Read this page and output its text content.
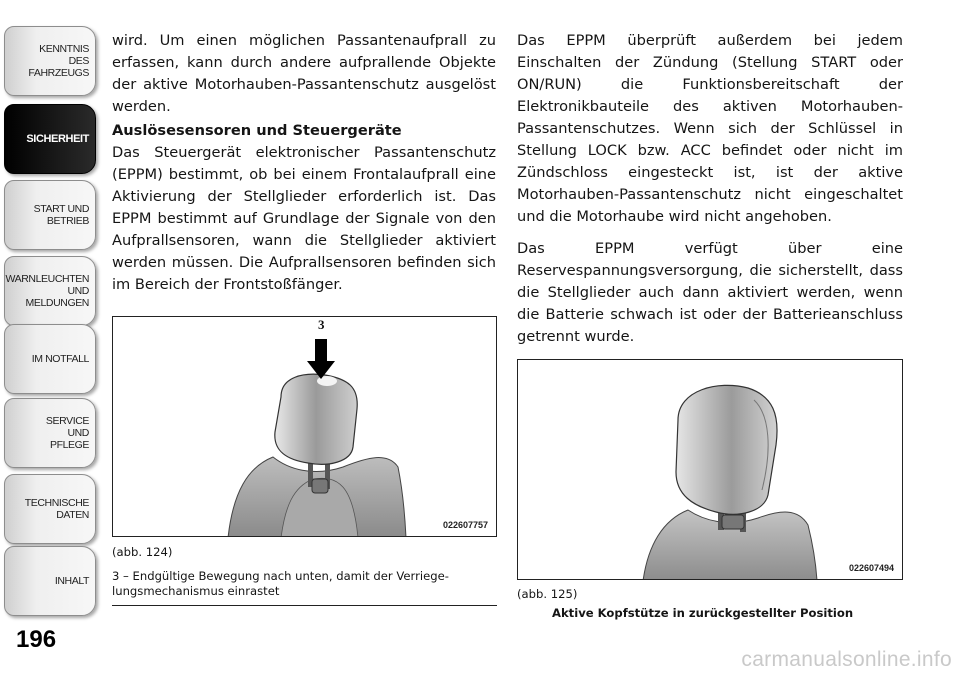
KENNTNIS
DES
FAHRZEUGS
SICHERHEIT
START UND
BETRIEB
WARNLEUCHTEN
UND
MELDUNGEN
IM NOTFALL
SERVICE
UND
PFLEGE
TECHNISCHE
DATEN
INHALT
196

wird. Um einen möglichen Passantenaufprall zu erfassen, kann durch andere aufprallende Objekte der aktive Motorhauben-Passantenschutz ausgelöst werden.

Auslösesensoren und Steuergeräte

Das Steuergerät elektronischer Passantenschutz (EPPM) bestimmt, ob bei einem Frontalaufprall eine Aktivierung der Stellglieder erforderlich ist. Das EPPM bestimmt auf Grundlage der Signale von den Aufprallsensoren, wann die Stellglieder aktiviert werden müssen. Die Aufprallsensoren befinden sich im Bereich der Frontstoßfänger.

Das EPPM überprüft außerdem bei jedem Einschalten der Zündung (Stellung START oder ON/RUN) die Funktionsbereitschaft der Elektronikbauteile des aktiven Motorhauben-Passantenschutzes. Wenn sich der Schlüssel in Stellung LOCK bzw. ACC befindet oder nicht im Zündschloss eingesteckt ist, ist der aktive Motorhauben-Passantenschutz nicht eingeschaltet und die Motorhaube wird nicht angehoben.

Das EPPM verfügt über eine Reservespannungsversorgung, die sicherstellt, dass die Stellglieder auch dann aktiviert werden, wenn die Batterie schwach ist oder der Batterieanschluss getrennt wurde.

3
022607757
(abb. 124)
3 – Endgültige Bewegung nach unten, damit der Verriegelungsmechanismus einrastet
022607494
(abb. 125)
Aktive Kopfstütze in zurückgestellter Position
carmanualsonline.info
